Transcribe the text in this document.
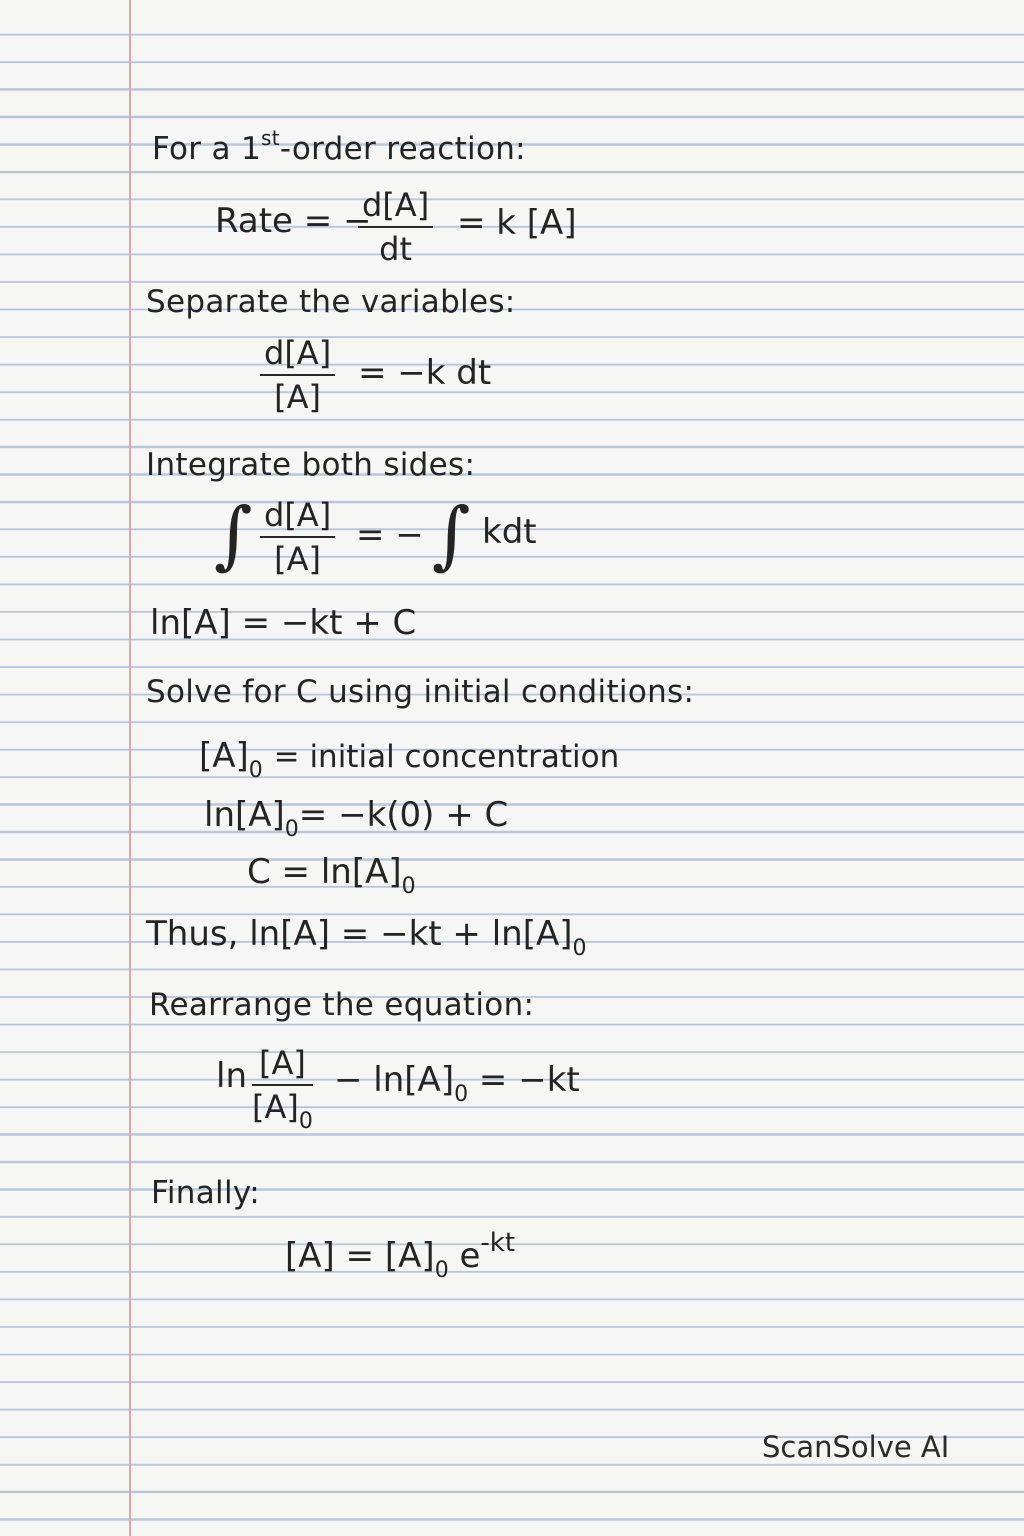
For a 1st-order reaction:
Rate = −
$\frac{d[A]}{dt} = k$ [A]
Separate the variables:
$\frac{d[A]}{[A]} = -k$ dt
Integrate both sides:
∫ $\frac{d[A]}{[A]}$ = − ∫ kdt
ln[A] = −kt + C
Solve for C using initial conditions:
$[A]_0$ = initial concentration
$\ln[A]_0= -k(0) + C$
$C = \ln[A]_0$
Thus, $\ln[A] = -kt + \ln[A]_0$
Rearrange the equation:
$\ln \frac{[A]}{[A]_0} - \ln[A]_0 = -kt$
Finally:
$[A] = [A]_0$ $e^{-kt}$
ScanSolve AI
